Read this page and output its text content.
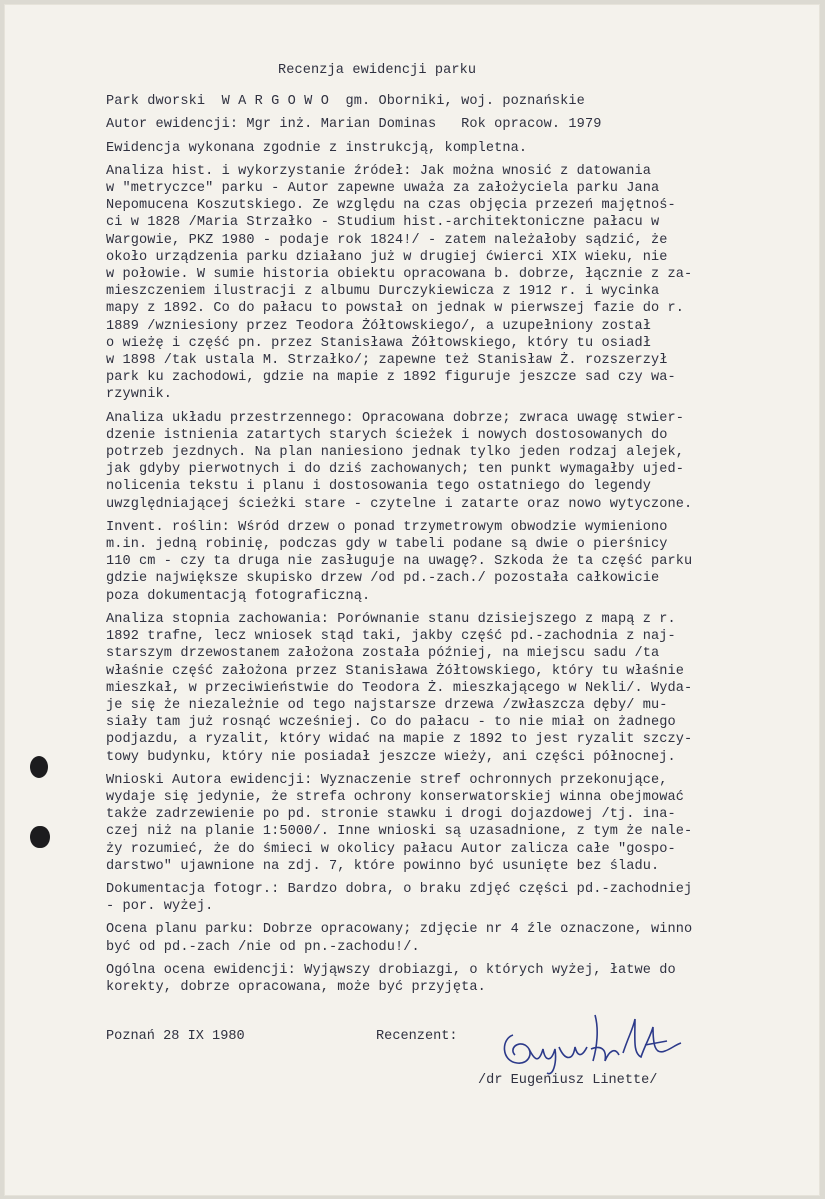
Recenzja ewidencji parku

Park dworski  W A R G O W O  gm. Oborniki, woj. poznańskie

Autor ewidencji: Mgr inż. Marian Dominas   Rok opracow. 1979

Ewidencja wykonana zgodnie z instrukcją, kompletna.

Analiza hist. i wykorzystanie źródeł: Jak można wnosić z datowania
w "metryczce" parku - Autor zapewne uważa za założyciela parku Jana
Nepomucena Koszutskiego. Ze względu na czas objęcia przezeń majętnoś-
ci w 1828 /Maria Strzałko - Studium hist.-architektoniczne pałacu w
Wargowie, PKZ 1980 - podaje rok 1824!/ - zatem należałoby sądzić, że
około urządzenia parku działano już w drugiej ćwierci XIX wieku, nie
w połowie. W sumie historia obiektu opracowana b. dobrze, łącznie z za-
mieszczeniem ilustracji z albumu Durczykiewicza z 1912 r. i wycinka
mapy z 1892. Co do pałacu to powstał on jednak w pierwszej fazie do r.
1889 /wzniesiony przez Teodora Żółtowskiego/, a uzupełniony został
o wieżę i część pn. przez Stanisława Żółtowskiego, który tu osiadł
w 1898 /tak ustala M. Strzałko/; zapewne też Stanisław Ż. rozszerzył
park ku zachodowi, gdzie na mapie z 1892 figuruje jeszcze sad czy wa-
rzywnik.

Analiza układu przestrzennego: Opracowana dobrze; zwraca uwagę stwier-
dzenie istnienia zatartych starych ścieżek i nowych dostosowanych do
potrzeb jezdnych. Na plan naniesiono jednak tylko jeden rodzaj alejek,
jak gdyby pierwotnych i do dziś zachowanych; ten punkt wymagałby ujed-
nolicenia tekstu i planu i dostosowania tego ostatniego do legendy
uwzględniającej ścieżki stare - czytelne i zatarte oraz nowo wytyczone.

Invent. roślin: Wśród drzew o ponad trzymetrowym obwodzie wymieniono
m.in. jedną robinię, podczas gdy w tabeli podane są dwie o pierśnicy
110 cm - czy ta druga nie zasługuje na uwagę?. Szkoda że ta część parku
gdzie największe skupisko drzew /od pd.-zach./ pozostała całkowicie
poza dokumentacją fotograficzną.

Analiza stopnia zachowania: Porównanie stanu dzisiejszego z mapą z r.
1892 trafne, lecz wniosek stąd taki, jakby część pd.-zachodnia z naj-
starszym drzewostanem założona została później, na miejscu sadu /ta
właśnie część założona przez Stanisława Żółtowskiego, który tu właśnie
mieszkał, w przeciwieństwie do Teodora Ż. mieszkającego w Nekli/. Wyda-
je się że niezależnie od tego najstarsze drzewa /zwłaszcza dęby/ mu-
siały tam już rosnąć wcześniej. Co do pałacu - to nie miał on żadnego
podjazdu, a ryzalit, który widać na mapie z 1892 to jest ryzalit szczy-
towy budynku, który nie posiadał jeszcze wieży, ani części północnej.

Wnioski Autora ewidencji: Wyznaczenie stref ochronnych przekonujące,
wydaje się jedynie, że strefa ochrony konserwatorskiej winna obejmować
także zadrzewienie po pd. stronie stawku i drogi dojazdowej /tj. ina-
czej niż na planie 1:5000/. Inne wnioski są uzasadnione, z tym że nale-
ży rozumieć, że do śmieci w okolicy pałacu Autor zalicza całe "gospo-
darstwo" ujawnione na zdj. 7, które powinno być usunięte bez śladu.

Dokumentacja fotogr.: Bardzo dobra, o braku zdjęć części pd.-zachodniej
- por. wyżej.

Ocena planu parku: Dobrze opracowany; zdjęcie nr 4 źle oznaczone, winno
być od pd.-zach /nie od pn.-zachodu!/.

Ogólna ocena ewidencji: Wyjąwszy drobiazgi, o których wyżej, łatwe do
korekty, dobrze opracowana, może być przyjęta.

Poznań 28 IX 1980

	Recenzent:

/dr Eugeniusz Linette/
